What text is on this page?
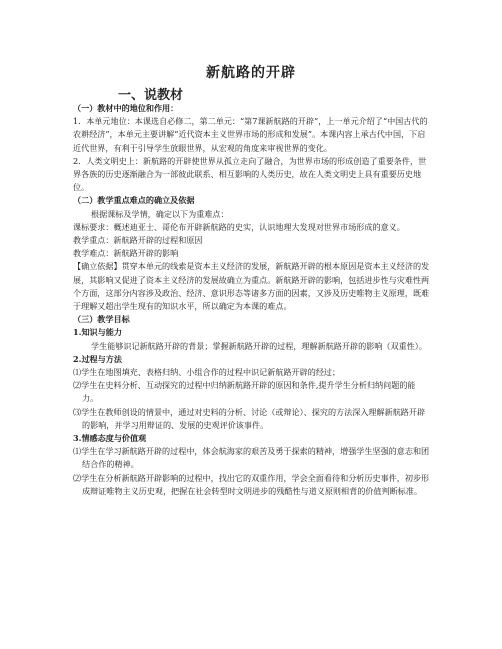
新航路的开辟
一、说教材

（一）教材中的地位和作用：

1．本单元地位：本课选自必修二，第二单元：“第7课新航路的开辟”，上一单元介绍了“中国古代的农耕经济”，本单元主要讲解“近代资本主义世界市场的形成和发展”。本课内容上承古代中国，下启近代世界，有利于引导学生放眼世界，从宏观的角度来审视世界的变化。

2．人类文明史上：新航路的开辟使世界从孤立走向了融合，为世界市场的形成创造了重要条件，世界各族的历史逐渐融合为一部彼此联系、相互影响的人类历史，故在人类文明史上具有重要历史地位。

（二）教学重点难点的确立及依据

根据课标及学情，确定以下为重难点：

课标要求：概述迪亚士、哥伦布开辟新航路的史实，认识地理大发现对世界市场形成的意义。

教学重点：新航路开辟的过程和原因

教学难点：新航路开辟的影响

【确立依据】贯穿本单元的线索是资本主义经济的发展，新航路开辟的根本原因是资本主义经济的发展，其影响又促进了资本主义经济的发展故确立为重点。新航路开辟的影响，包括进步性与灾难性两个方面，这部分内容涉及政治、经济、意识形态等诸多方面的因素，又涉及历史唯物主义原理，既难于理解又超出学生现有的知识水平，所以确定为本课的难点。

（三）教学目标

1.知识与能力

学生能够识记新航路开辟的背景；掌握新航路开辟的过程，理解新航路开辟的影响（双重性）。

2.过程与方法

⑴学生在地图填充、表格归纳、小组合作的过程中识记新航路开辟的经过；

⑵学生在史料分析、互动探究的过程中归纳新航路开辟的原因和条件,提升学生分析归纳问题的能力。

⑶学生在教师创设的情景中，通过对史料的分析、讨论（或辩论）、探究的方法深入理解新航路开辟的影响，并学习用辩证的、发展的史观评价该事件。

3.情感态度与价值观

⑴学生在学习新航路开辟的过程中，体会航海家的艰苦及勇于探索的精神，增强学生坚强的意志和团结合作的精神。

⑵学生在分析新航路开辟影响的过程中，找出它的双重作用，学会全面看待和分析历史事件，初步形成辩证唯物主义历史观，把握在社会转型时文明进步的残酷性与道义原则相背的价值判断标准。
